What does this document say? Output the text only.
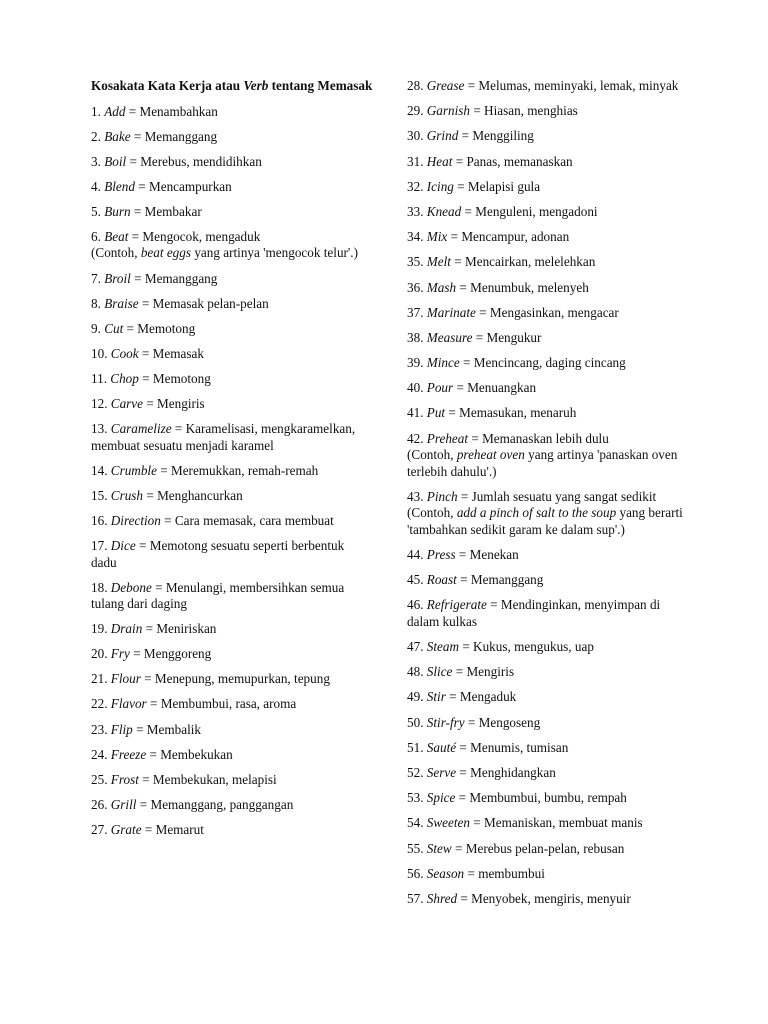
Kosakata Kata Kerja atau Verb tentang Memasak
1. Add = Menambahkan
2. Bake = Memanggang
3. Boil = Merebus, mendidihkan
4. Blend = Mencampurkan
5. Burn = Membakar
6. Beat = Mengocok, mengaduk
(Contoh, beat eggs yang artinya 'mengocok telur'.)
7. Broil = Memanggang
8. Braise = Memasak pelan-pelan
9. Cut = Memotong
10. Cook = Memasak
11. Chop = Memotong
12. Carve = Mengiris
13. Caramelize = Karamelisasi, mengkaramelkan, membuat sesuatu menjadi karamel
14. Crumble = Meremukkan, remah-remah
15. Crush = Menghancurkan
16. Direction = Cara memasak, cara membuat
17. Dice = Memotong sesuatu seperti berbentuk dadu
18. Debone = Menulangi, membersihkan semua tulang dari daging
19. Drain = Meniriskan
20. Fry = Menggoreng
21. Flour = Menepung, memupurkan, tepung
22. Flavor = Membumbui, rasa, aroma
23. Flip = Membalik
24. Freeze = Membekukan
25. Frost = Membekukan, melapisi
26. Grill = Memanggang, panggangan
27. Grate = Memarut
28. Grease = Melumas, meminyaki, lemak, minyak
29. Garnish = Hiasan, menghias
30. Grind = Menggiling
31. Heat = Panas, memanaskan
32. Icing = Melapisi gula
33. Knead = Menguleni, mengadoni
34. Mix = Mencampur, adonan
35. Melt = Mencairkan, melelehkan
36. Mash = Menumbuk, melenyeh
37. Marinate = Mengasinkan, mengacar
38. Measure = Mengukur
39. Mince = Mencincang, daging cincang
40. Pour = Menuangkan
41. Put = Memasukan, menaruh
42. Preheat = Memanaskan lebih dulu
(Contoh, preheat oven yang artinya 'panaskan oven terlebih dahulu'.)
43. Pinch = Jumlah sesuatu yang sangat sedikit (Contoh, add a pinch of salt to the soup yang berarti 'tambahkan sedikit garam ke dalam sup'.)
44. Press = Menekan
45. Roast = Memanggang
46. Refrigerate = Mendinginkan, menyimpan di dalam kulkas
47. Steam = Kukus, mengukus, uap
48. Slice = Mengiris
49. Stir = Mengaduk
50. Stir-fry = Mengoseng
51. Sauté = Menumis, tumisan
52. Serve = Menghidangkan
53. Spice = Membumbui, bumbu, rempah
54. Sweeten = Memaniskan, membuat manis
55. Stew = Merebus pelan-pelan, rebusan
56. Season = membumbui
57. Shred = Menyobek, mengiris, menyuir
